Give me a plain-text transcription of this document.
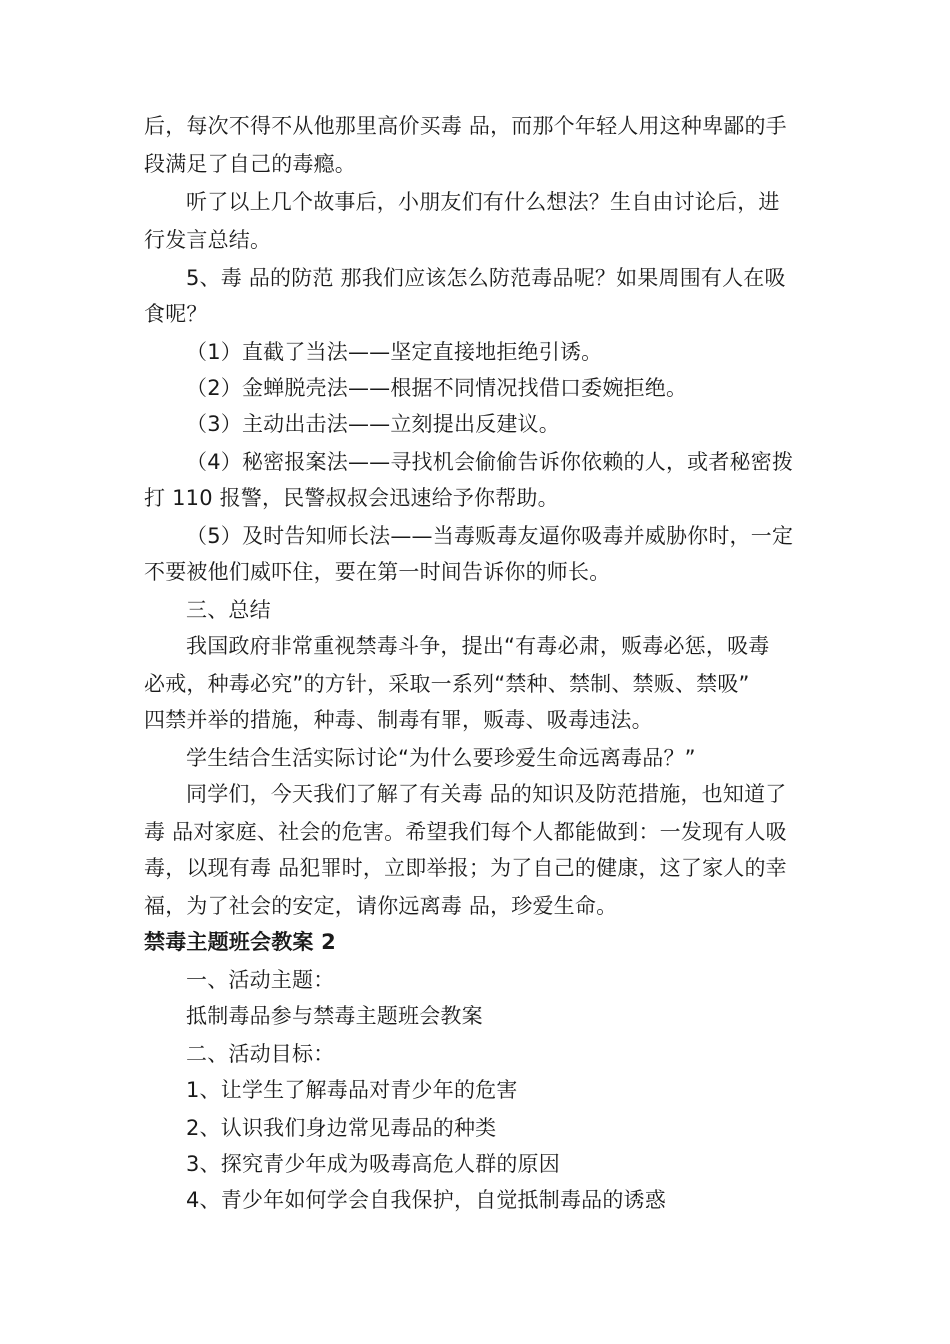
后，每次不得不从他那里高价买毒 品，而那个年轻人用这种卑鄙的手
段满足了自己的毒瘾。
听了以上几个故事后，小朋友们有什么想法？生自由讨论后，进
行发言总结。
5、毒 品的防范 那我们应该怎么防范毒品呢？如果周围有人在吸
食呢？
（1）直截了当法——坚定直接地拒绝引诱。
（2）金蝉脱壳法——根据不同情况找借口委婉拒绝。
（3）主动出击法——立刻提出反建议。
（4）秘密报案法——寻找机会偷偷告诉你依赖的人，或者秘密拨
打 110 报警，民警叔叔会迅速给予你帮助。
（5）及时告知师长法——当毒贩毒友逼你吸毒并威胁你时，一定
不要被他们威吓住，要在第一时间告诉你的师长。
三、总结
我国政府非常重视禁毒斗争，提出“有毒必肃，贩毒必惩，吸毒
必戒，种毒必究”的方针，采取一系列“禁种、禁制、禁贩、禁吸”
四禁并举的措施，种毒、制毒有罪，贩毒、吸毒违法。
学生结合生活实际讨论“为什么要珍爱生命远离毒品？”
同学们，今天我们了解了有关毒 品的知识及防范措施，也知道了
毒 品对家庭、社会的危害。希望我们每个人都能做到：一发现有人吸
毒，以现有毒 品犯罪时，立即举报；为了自己的健康，这了家人的幸
福，为了社会的安定，请你远离毒 品，珍爱生命。
禁毒主题班会教案 2
一、活动主题：
抵制毒品参与禁毒主题班会教案
二、活动目标：
1、让学生了解毒品对青少年的危害
2、认识我们身边常见毒品的种类
3、探究青少年成为吸毒高危人群的原因
4、青少年如何学会自我保护，自觉抵制毒品的诱惑
